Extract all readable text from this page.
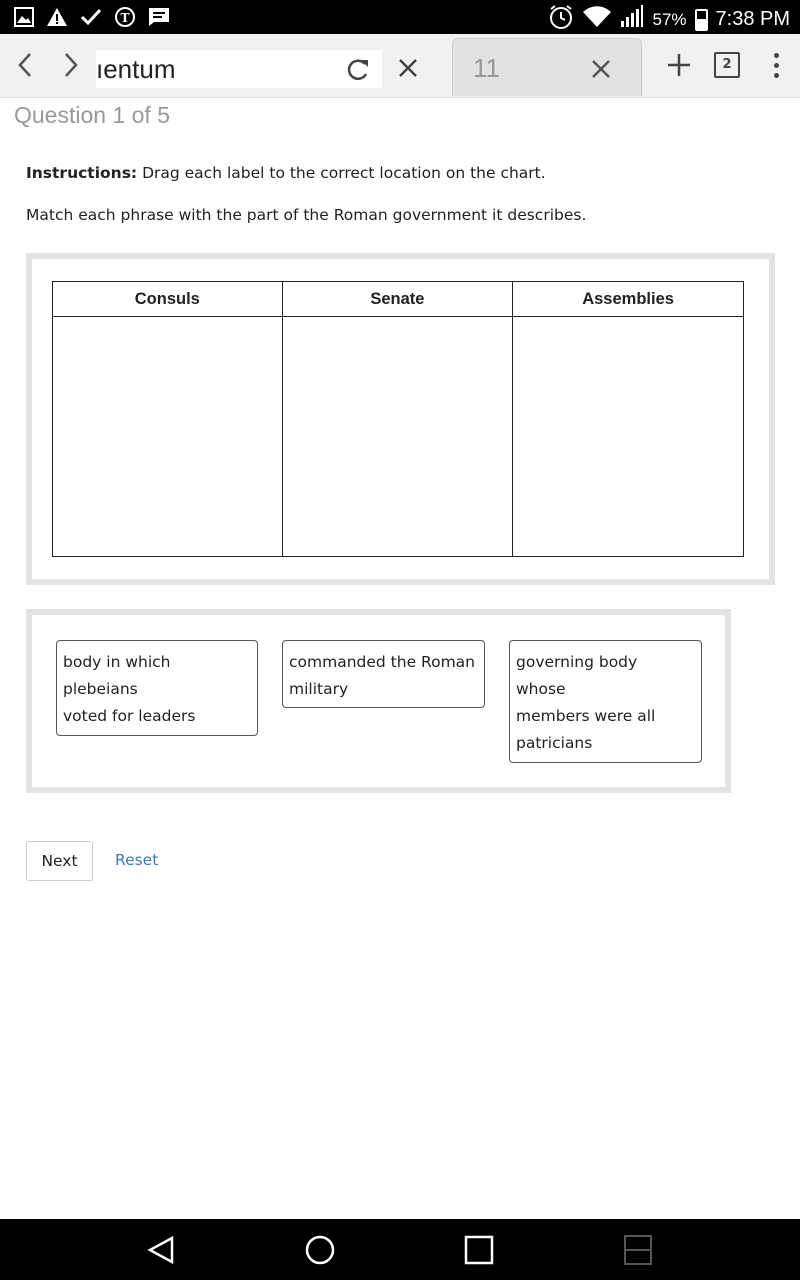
T	57% 7:38 PM
ıentum	11	2
Question 1 of 5
Instructions: Drag each label to the correct location on the chart.
Match each phrase with the part of the Roman government it describes.
Consuls	Senate	Assemblies

body in which
plebeians
voted for leaders
commanded the Roman
military
governing body
whose
members were all
patricians
Next	Reset
